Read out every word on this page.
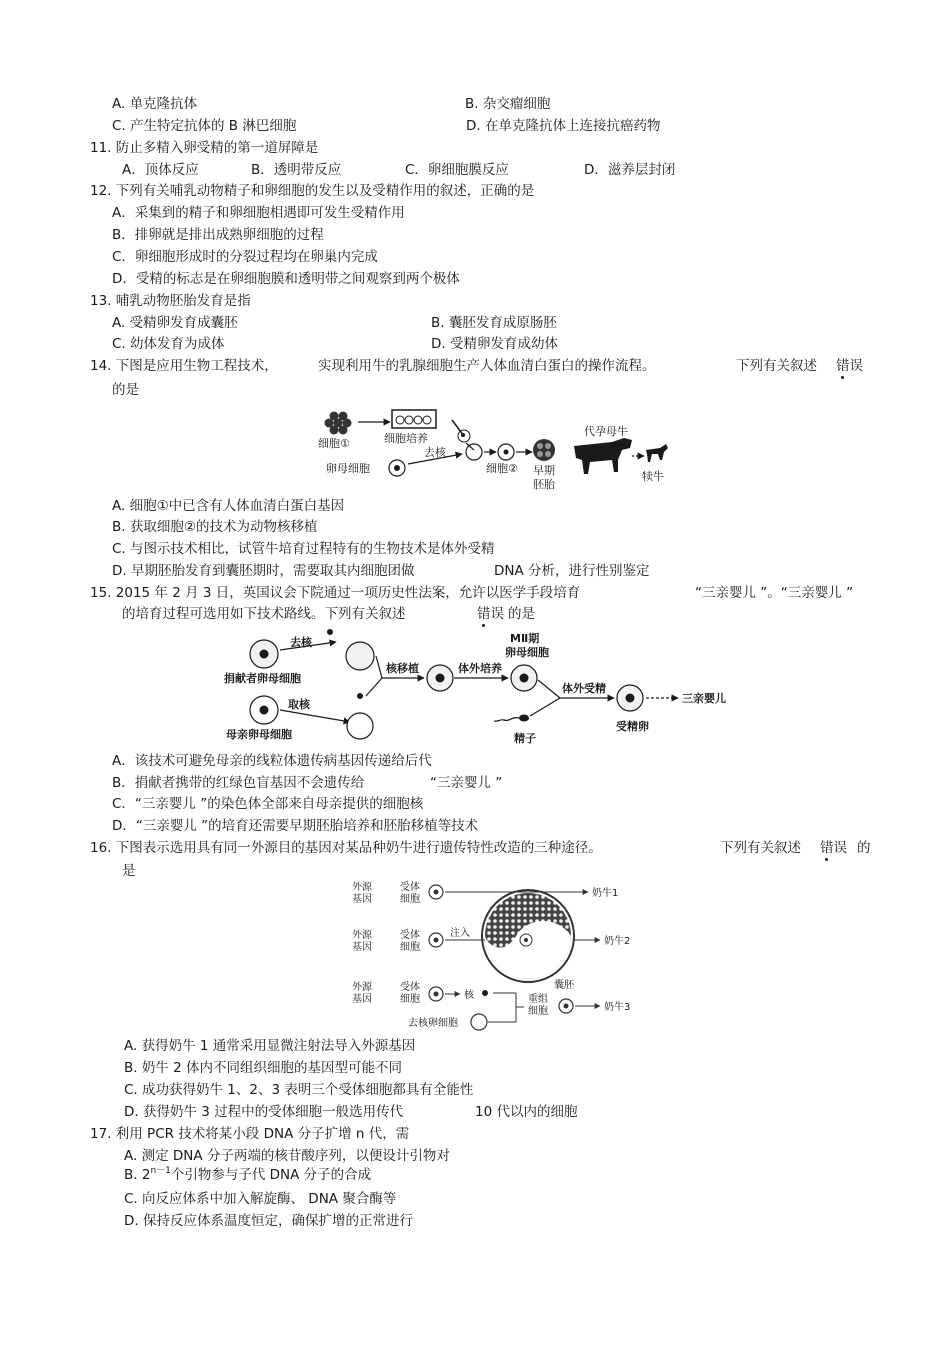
A. 单克隆抗体	B. 杂交瘤细胞
C. 产生特定抗体的 B 淋巴细胞	D. 在单克隆抗体上连接抗癌药物
11. 防止多精入卵受精的第一道屏障是
A．顶体反应	B．透明带反应	C．卵细胞膜反应	D．滋养层封闭
12. 下列有关哺乳动物精子和卵细胞的发生以及受精作用的叙述，正确的是
A．采集到的精子和卵细胞相遇即可发生受精作用
B．排卵就是排出成熟卵细胞的过程
C．卵细胞形成时的分裂过程均在卵巢内完成
D．受精的标志是在卵细胞膜和透明带之间观察到两个极体
13. 哺乳动物胚胎发育是指
A. 受精卵发育成囊胚	B. 囊胚发育成原肠胚
C. 幼体发育为成体	D. 受精卵发育成幼体
14. 下图是应用生物工程技术，	实现利用牛的乳腺细胞生产人体血清白蛋白的操作流程。	下列有关叙述 错误
的是
细胞①	细胞培养
卵母细胞
去核
细胞② 早期
胚胎
代孕母牛
犊牛
A. 细胞①中已含有人体血清白蛋白基因
B. 获取细胞②的技术为动物核移植
C. 与图示技术相比，试管牛培育过程特有的生物技术是体外受精
D. 早期胚胎发育到囊胚期时，需要取其内细胞团做	DNA 分析，进行性别鉴定
15. 2015 年 2 月 3 日，英国议会下院通过一项历史性法案，允许以医学手段培育	“三亲婴儿 ”。“三亲婴儿 ”
的培育过程可选用如下技术路线。下列有关叙述	错误 的是
捐献者卵母细胞
去核
母亲卵母细胞
取核
核移植	体外培养
MⅡ期
卵母细胞
精子
体外受精
受精卵
三亲婴儿
A．该技术可避免母亲的线粒体遗传病基因传递给后代
B．捐献者携带的红绿色盲基因不会遗传给	“三亲婴儿 ”
C．“三亲婴儿 ”的染色体全部来自母亲提供的细胞核
D．“三亲婴儿 ”的培育还需要早期胚胎培养和胚胎移植等技术
16. 下图表示选用具有同一外源目的基因对某品种奶牛进行遗传特性改造的三种途径。	下列有关叙述 错误 的
是
外源
基因
受体
细胞
奶牛1
外源
基因
受体
细胞
注入
囊胚
奶牛2
外源
基因
受体
细胞	核
去核卵细胞
重组
细胞	奶牛3
A. 获得奶牛 1 通常采用显微注射法导入外源基因
B. 奶牛 2 体内不同组织细胞的基因型可能不同
C. 成功获得奶牛 1、2、3 表明三个受体细胞都具有全能性
D. 获得奶牛 3 过程中的受体细胞一般选用传代	10 代以内的细胞
17. 利用 PCR 技术将某小段 DNA 分子扩增 n 代，需
A. 测定 DNA 分子两端的核苷酸序列，以便设计引物对
B. $2^{n-1}$个引物参与子代 DNA 分子的合成
C. 向反应体系中加入解旋酶、 DNA 聚合酶等
D. 保持反应体系温度恒定，确保扩增的正常进行
